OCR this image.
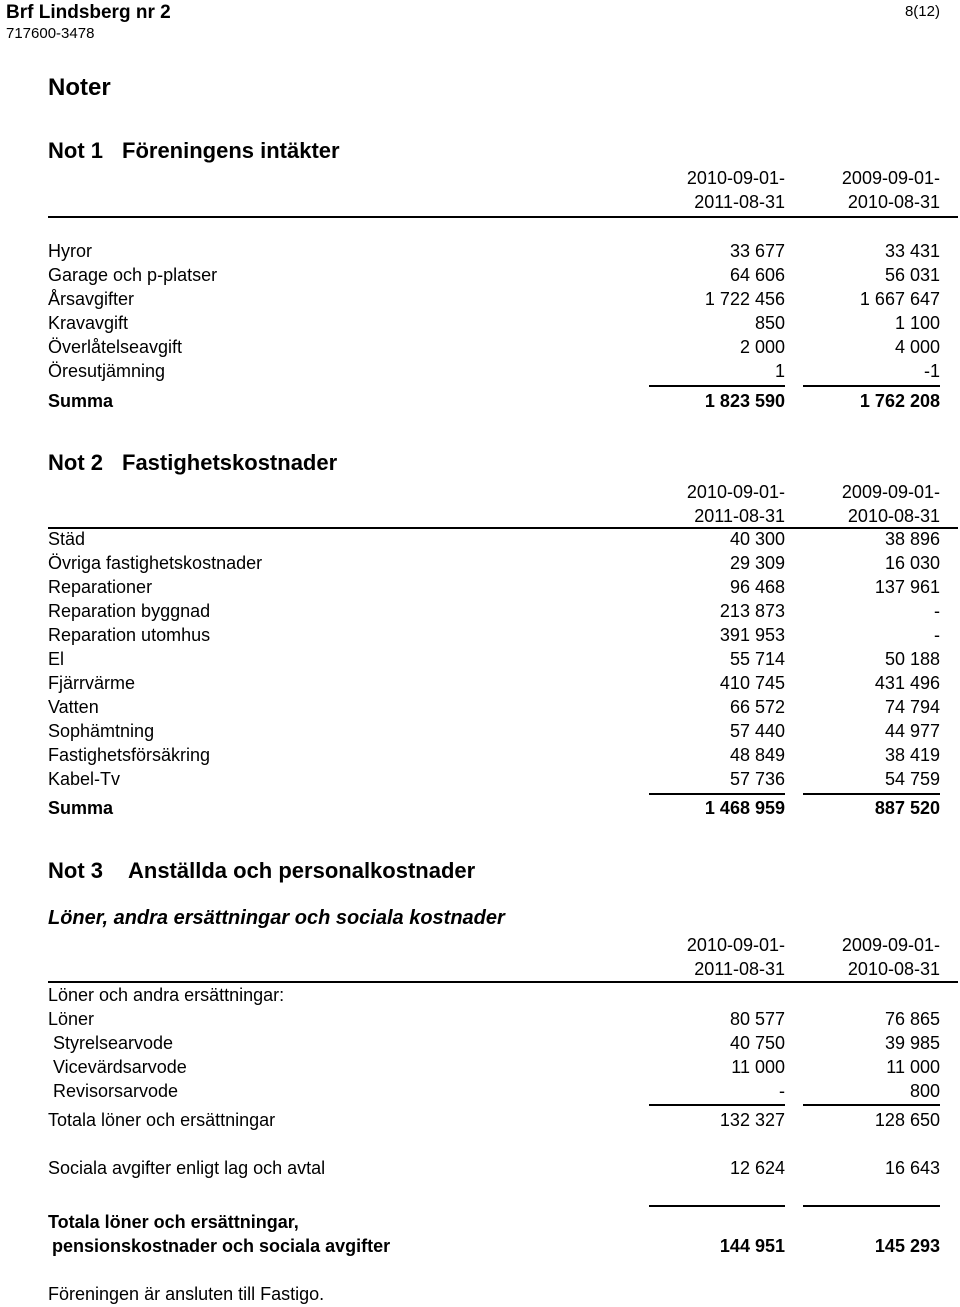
Brf Lindsberg nr 2
717600-3478
8(12)
Noter
Not 1 Föreningens intäkter
2010-09-01-
2011-08-31
2009-09-01-
2010-08-31
Hyror	33 677	33 431
Garage och p-platser	64 606	56 031
Årsavgifter	1 722 456	1 667 647
Kravavgift	850	1 100
Överlåtelseavgift	2 000	4 000
Öresutjämning	1	-1
Summa	1 823 590	1 762 208
Not 2 Fastighetskostnader
2010-09-01-
2011-08-31
2009-09-01-
2010-08-31
Städ	40 300	38 896
Övriga fastighetskostnader	29 309	16 030
Reparationer	96 468	137 961
Reparation byggnad	213 873	-
Reparation utomhus	391 953	-
El	55 714	50 188
Fjärrvärme	410 745	431 496
Vatten	66 572	74 794
Sophämtning	57 440	44 977
Fastighetsförsäkring	48 849	38 419
Kabel-Tv	57 736	54 759
Summa	1 468 959	887 520
Not 3 Anställda och personalkostnader
Löner, andra ersättningar och sociala kostnader
2010-09-01-
2011-08-31
2009-09-01-
2010-08-31
Löner och andra ersättningar:
Löner	80 577	76 865
Styrelsearvode	40 750	39 985
Vicevärdsarvode	11 000	11 000
Revisorsarvode	-	800
Totala löner och ersättningar	132 327	128 650
Sociala avgifter enligt lag och avtal	12 624	16 643
Totala löner och ersättningar,
pensionskostnader och sociala avgifter	144 951	145 293
Föreningen är ansluten till Fastigo.
